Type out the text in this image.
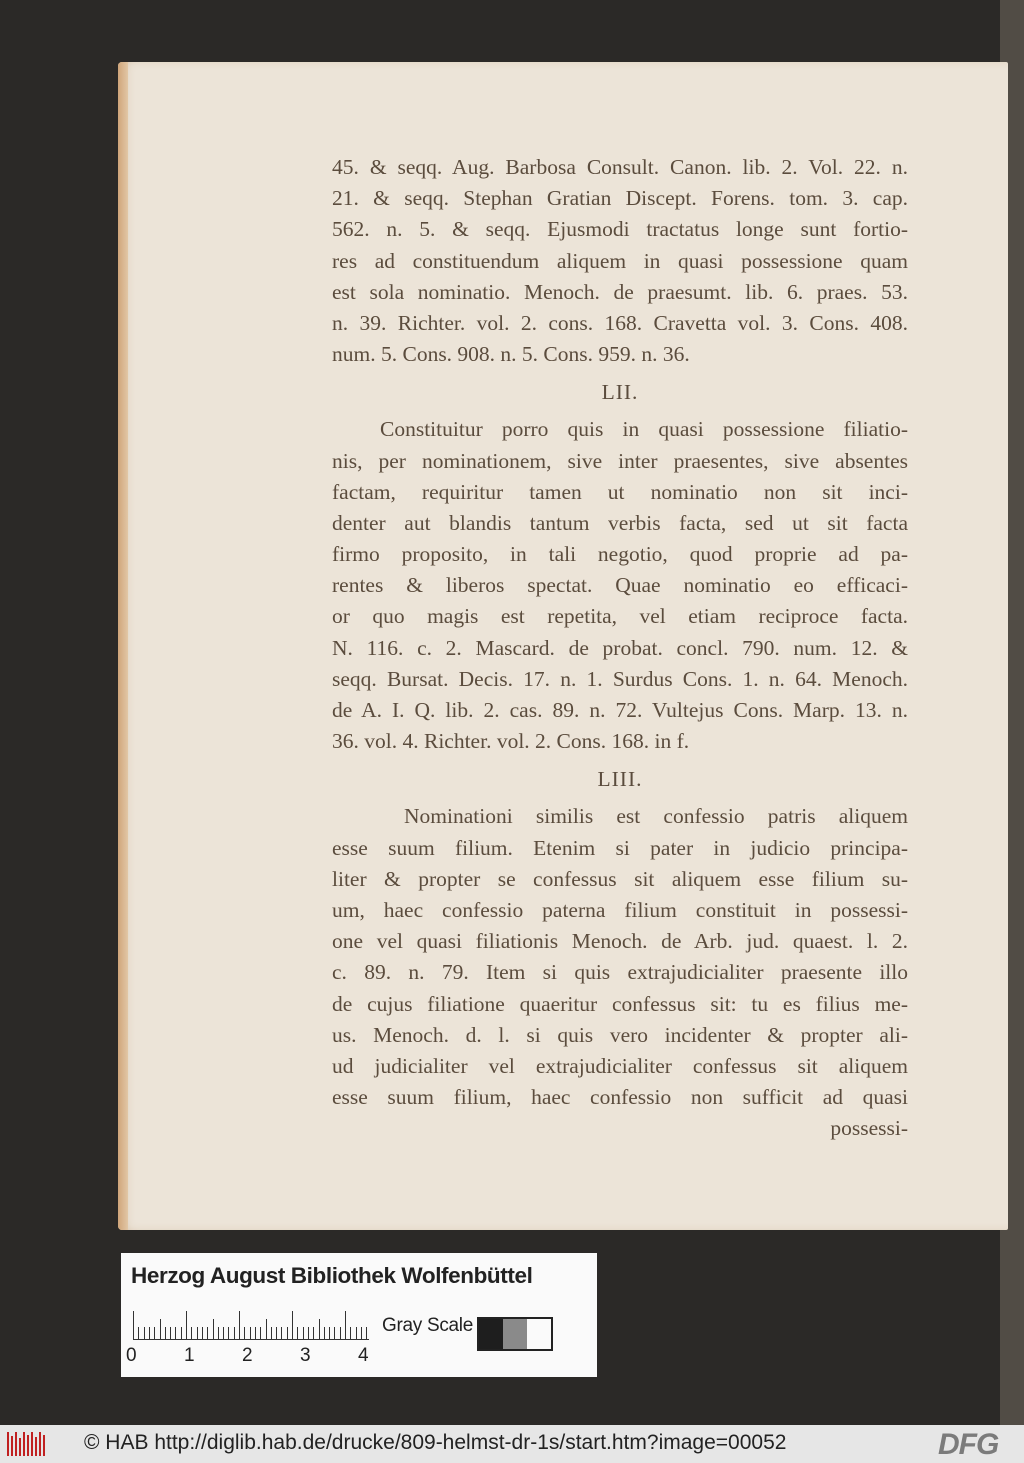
45. & seqq. Aug. Barbosa Consult. Canon. lib. 2. Vol. 22. n.
21. & seqq. Stephan Gratian Discept. Forens. tom. 3. cap.
562. n. 5. & seqq. Ejusmodi tractatus longe sunt fortio-
res ad constituendum aliquem in quasi possessione quam
est sola nominatio. Menoch. de praesumt. lib. 6. praes. 53.
n. 39. Richter. vol. 2. cons. 168. Cravetta vol. 3. Cons. 408.
num. 5. Cons. 908. n. 5. Cons. 959. n. 36.
LII.
Constituitur porro quis in quasi possessione filiatio-
nis, per nominationem, sive inter praesentes, sive absentes
factam, requiritur tamen ut nominatio non sit inci-
denter aut blandis tantum verbis facta, sed ut sit facta
firmo proposito, in tali negotio, quod proprie ad pa-
rentes & liberos spectat. Quae nominatio eo efficaci-
or quo magis est repetita, vel etiam reciproce facta.
N. 116. c. 2. Mascard. de probat. concl. 790. num. 12. &
seqq. Bursat. Decis. 17. n. 1. Surdus Cons. 1. n. 64. Menoch.
de A. I. Q. lib. 2. cas. 89. n. 72. Vultejus Cons. Marp. 13. n.
36. vol. 4. Richter. vol. 2. Cons. 168. in f.
LIII.
Nominationi similis est confessio patris aliquem
esse suum filium. Etenim si pater in judicio principa-
liter & propter se confessus sit aliquem esse filium su-
um, haec confessio paterna filium constituit in possessi-
one vel quasi filiationis Menoch. de Arb. jud. quaest. l. 2.
c. 89. n. 79. Item si quis extrajudicialiter praesente illo
de cujus filiatione quaeritur confessus sit: tu es filius me-
us. Menoch. d. l. si quis vero incidenter & propter ali-
ud judicialiter vel extrajudicialiter confessus sit aliquem
esse suum filium, haec confessio non sufficit ad quasi
possessi-
Herzog August Bibliothek Wolfenbüttel
0 1 2 3 4
Gray Scale
© HAB http://diglib.hab.de/drucke/809-helmst-dr-1s/start.htm?image=00052	DFG
